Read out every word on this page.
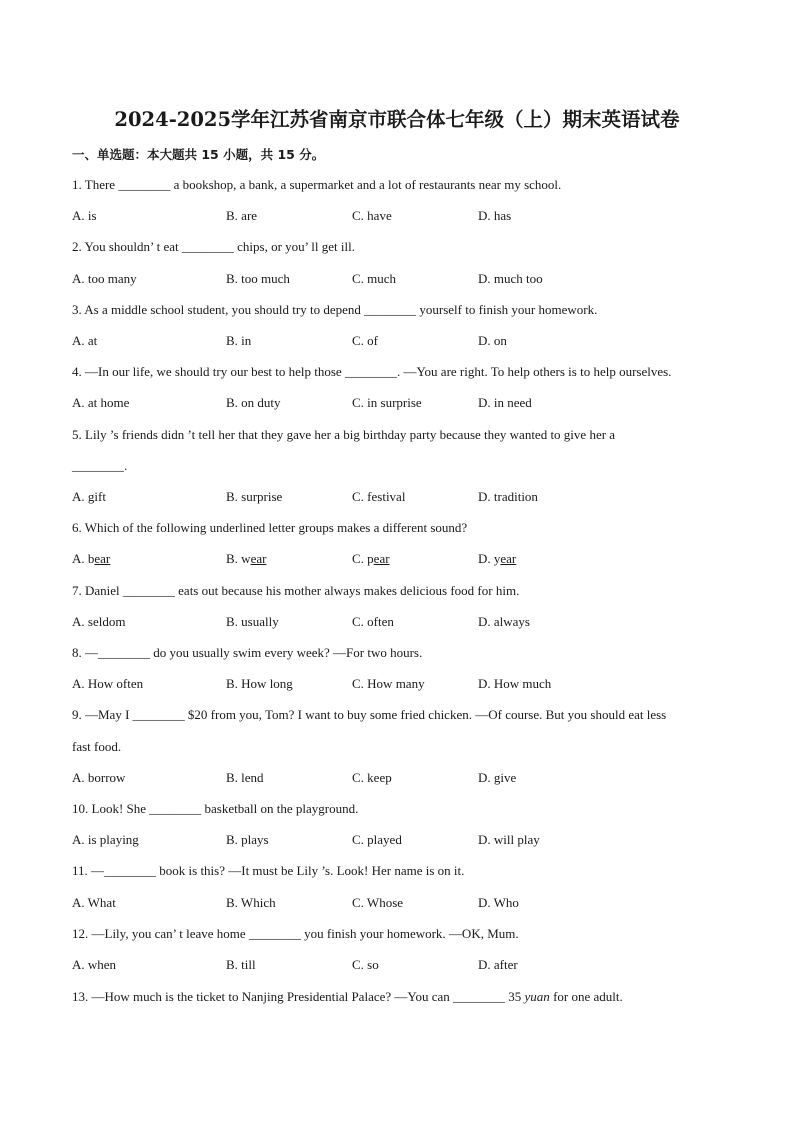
2024-2025学年江苏省南京市联合体七年级（上）期末英语试卷
一、单选题：本大题共 15 小题，共 15 分。
1. There ________ a bookshop, a bank, a supermarket and a lot of restaurants near my school.
A. is	B. are	C. have	D. has
2. You shouldn’ t eat ________ chips, or you’ ll get ill.
A. too many	B. too much	C. much	D. much too
3. As a middle school student, you should try to depend ________ yourself to finish your homework.
A. at	B. in	C. of	D. on
4. —In our life, we should try our best to help those ________. —You are right. To help others is to help ourselves.
A. at home	B. on duty	C. in surprise	D. in need
5. Lily ’s friends didn ’t tell her that they gave her a big birthday party because they wanted to give her a
________.
A. gift	B. surprise	C. festival	D. tradition
6. Which of the following underlined letter groups makes a different sound?
A. bear	B. wear	C. pear	D. year
7. Daniel ________ eats out because his mother always makes delicious food for him.
A. seldom	B. usually	C. often	D. always
8. —________ do you usually swim every week? —For two hours.
A. How often	B. How long	C. How many	D. How much
9. —May I ________ $20 from you, Tom? I want to buy some fried chicken. —Of course. But you should eat less
fast food.
A. borrow	B. lend	C. keep	D. give
10. Look! She ________ basketball on the playground.
A. is playing	B. plays	C. played	D. will play
11. —________ book is this? —It must be Lily ’s. Look! Her name is on it.
A. What	B. Which	C. Whose	D. Who
12. —Lily, you can’ t leave home ________ you finish your homework. —OK, Mum.
A. when	B. till	C. so	D. after
13. —How much is the ticket to Nanjing Presidential Palace? —You can ________ 35 yuan for one adult.
